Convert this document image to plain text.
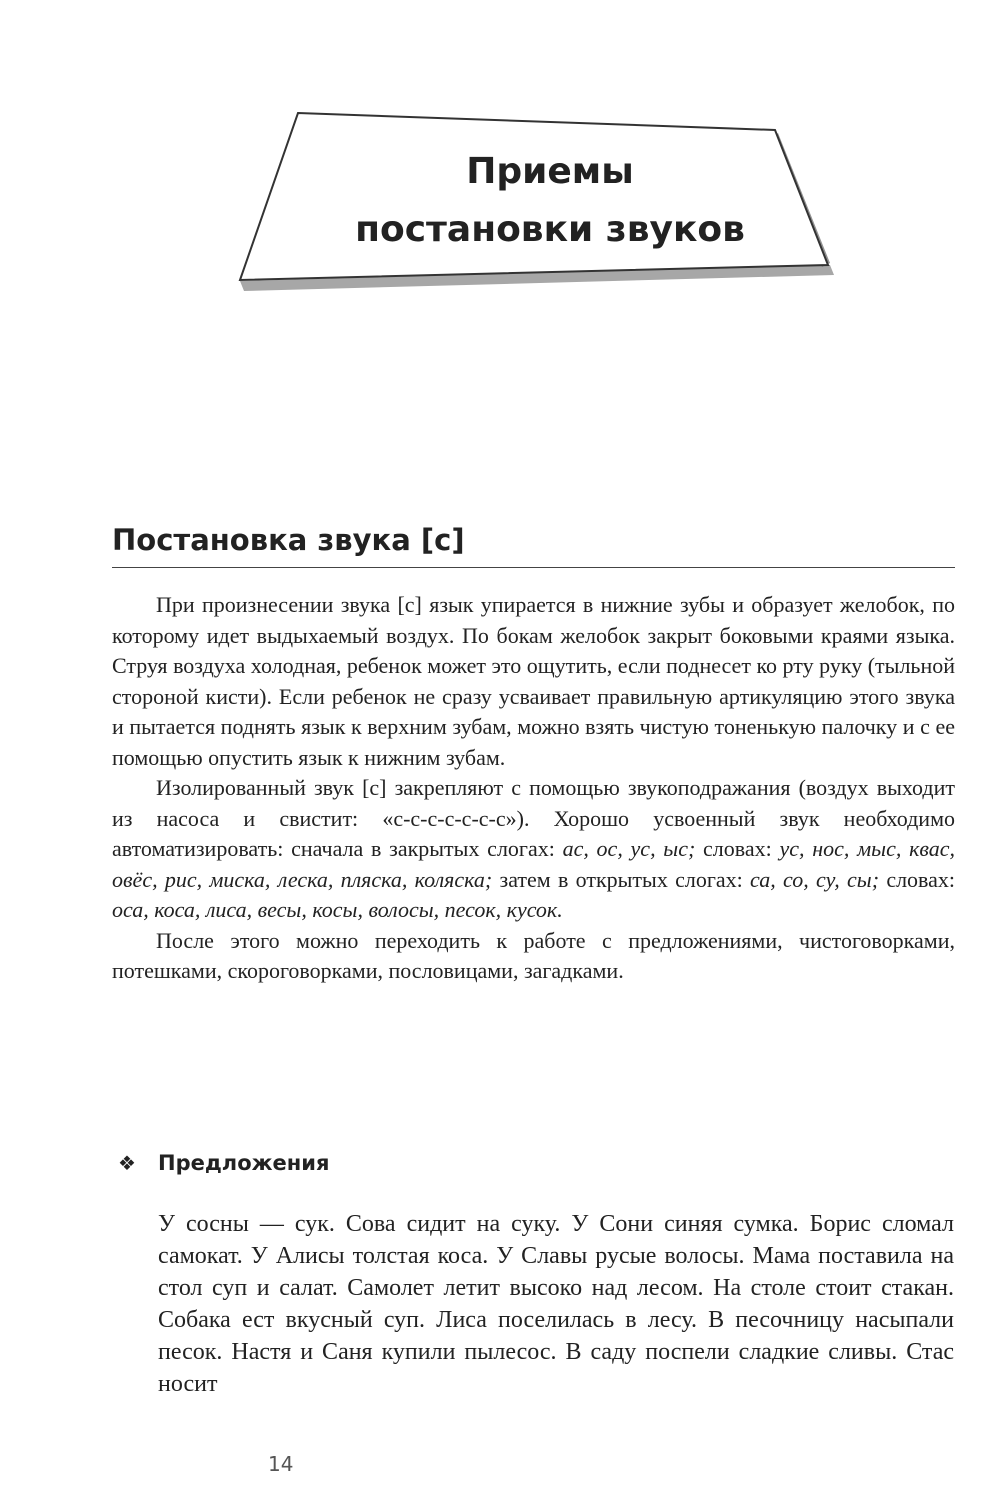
Приемы
постановки звуков
Постановка звука [с]

При произнесении звука [с] язык упирается в нижние зубы и образует желобок, по которому идет выдыхаемый воздух. По бокам желобок закрыт боковыми краями языка. Струя воздуха холодная, ребенок может это ощутить, если поднесет ко рту руку (тыльной стороной кисти). Если ребенок не сразу усваивает правильную артикуляцию этого звука и пытается поднять язык к верхним зубам, можно взять чистую тоненькую палочку и с ее помощью опустить язык к нижним зубам.

Изолированный звук [с] закрепляют с помощью звукоподражания (воздух выходит из насоса и свистит: «с-с-с-с-с-с-с»). Хорошо усвоенный звук необходимо автоматизировать: сначала в закрытых слогах: ас, ос, ус, ыс; словах: ус, нос, мыс, квас, овёс, рис, миска, леска, пляска, коляска; затем в открытых слогах: са, со, су, сы; словах: оса, коса, лиса, весы, косы, волосы, песок, кусок.

После этого можно переходить к работе с предложениями, чистоговорками, потешками, скороговорками, пословицами, загадками.

❖ Предложения

У сосны — сук. Сова сидит на суку. У Сони синяя сумка. Борис сломал самокат. У Алисы толстая коса. У Славы русые волосы. Мама поставила на стол суп и салат. Самолет летит высоко над лесом. На столе стоит стакан. Собака ест вкусный суп. Лиса поселилась в лесу. В песочницу насыпали песок. Настя и Саня купили пылесос. В саду поспели сладкие сливы. Стас носит

14
